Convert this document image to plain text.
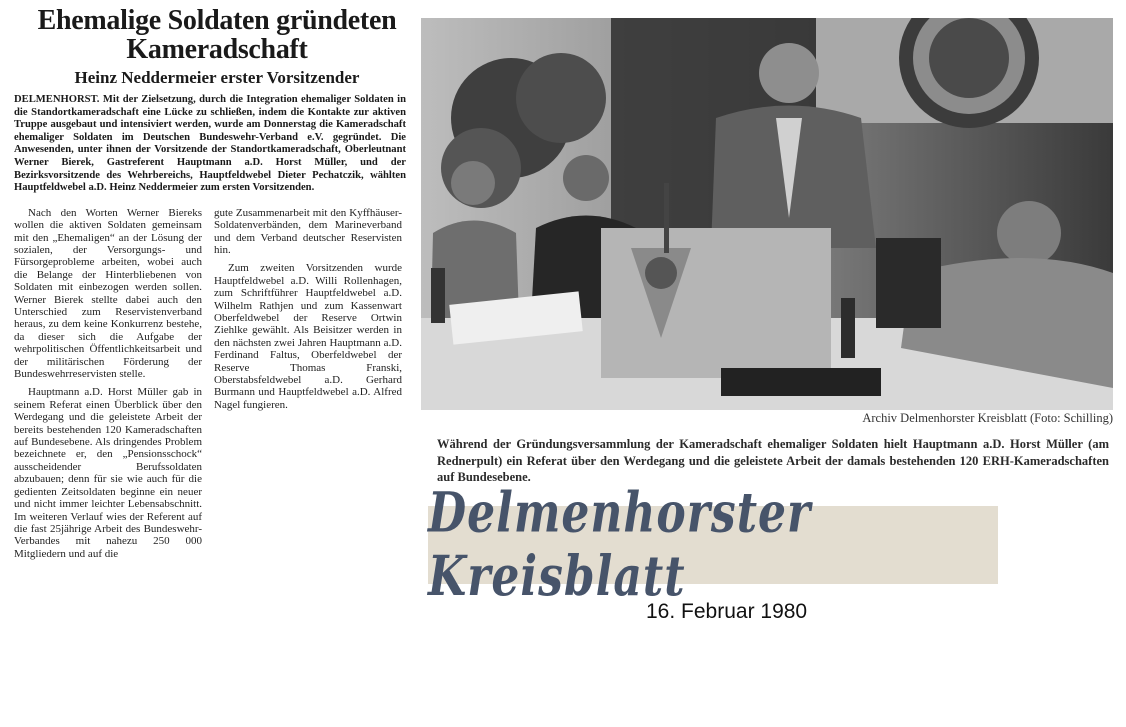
Ehemalige Soldaten gründeten Kameradschaft
Heinz Neddermeier erster Vorsitzender

DELMENHORST. Mit der Zielsetzung, durch die Integration ehemaliger Soldaten in die Standortkameradschaft eine Lücke zu schließen, indem die Kontakte zur aktiven Truppe ausgebaut und intensiviert werden, wurde am Donnerstag die Kameradschaft ehemaliger Soldaten im Deutschen Bundeswehr-Verband e.V. gegründet. Die Anwesenden, unter ihnen der Vorsitzende der Standortkameradschaft, Oberleutnant Werner Bierek, Gastreferent Hauptmann a.D. Horst Müller, und der Bezirksvorsitzende des Wehrbereichs, Hauptfeldwebel Dieter Pechatczik, wählten Hauptfeldwebel a.D. Heinz Neddermeier zum ersten Vorsitzenden.

Nach den Worten Werner Biereks wollen die aktiven Soldaten gemeinsam mit den „Ehemaligen“ an der Lösung der sozialen, der Versorgungs- und Fürsorgeprobleme arbeiten, wobei auch die Belange der Hinterbliebenen von Soldaten mit einbezogen werden sollen. Werner Bierek stellte dabei auch den Unterschied zum Reservistenverband heraus, zu dem keine Konkurrenz bestehe, da dieser sich die Aufgabe der wehrpolitischen Öffentlichkeitsarbeit und der militärischen Förderung der Bundeswehrreservisten stelle.

Hauptmann a.D. Horst Müller gab in seinem Referat einen Überblick über den Werdegang und die geleistete Arbeit der bereits bestehenden 120 Kameradschaften auf Bundesebene. Als dringendes Problem bezeichnete er, den „Pensionsschock“ ausscheidender Berufssoldaten abzubauen; denn für sie wie auch für die gedienten Zeitsoldaten beginne ein neuer und nicht immer leichter Lebensabschnitt. Im weiteren Verlauf wies der Referent auf die fast 25jährige Arbeit des Bundeswehr-Verbandes mit nahezu 250 000 Mitgliedern und auf die

gute Zusammenarbeit mit den Kyffhäuser-Soldatenverbänden, dem Marineverband und dem Verband deutscher Reservisten hin.

Zum zweiten Vorsitzenden wurde Hauptfeldwebel a.D. Willi Rollenhagen, zum Schriftführer Hauptfeldwebel a.D. Wilhelm Rathjen und zum Kassenwart Oberfeldwebel der Reserve Ortwin Ziehlke gewählt. Als Beisitzer werden in den nächsten zwei Jahren Hauptmann a.D. Ferdinand Faltus, Oberfeldwebel der Reserve Thomas Franski, Oberstabsfeldwebel a.D. Gerhard Burmann und Hauptfeldwebel a.D. Alfred Nagel fungieren.

Archiv Delmenhorster Kreisblatt (Foto: Schilling)
Während der Gründungsversammlung der Kameradschaft ehemaliger Soldaten hielt Hauptmann a.D. Horst Müller (am Rednerpult) ein Referat über den Werdegang und die geleistete Arbeit der damals bestehenden 120 ERH-Kameradschaften auf Bundesebene.
Delmenhorster Kreisblatt
16. Februar 1980
